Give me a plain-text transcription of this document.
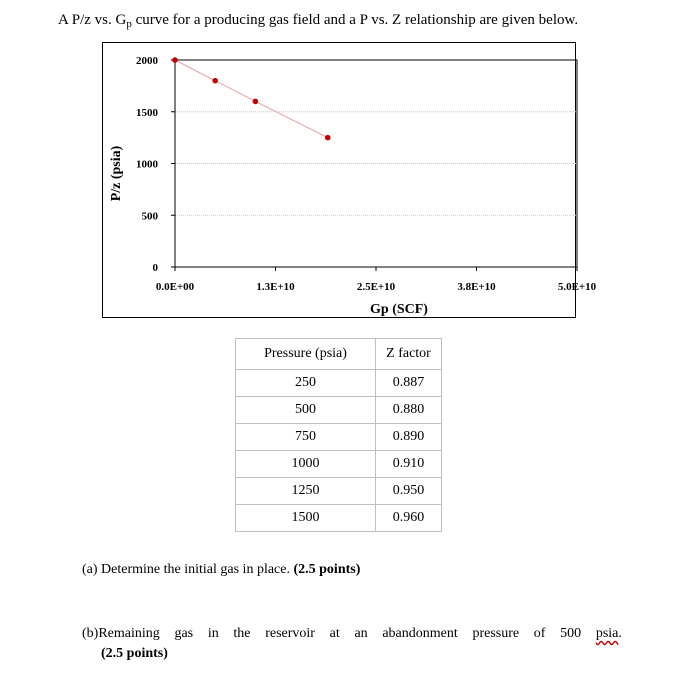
A P/z vs. $G_p$ curve for a producing gas field and a P vs. Z relationship are given below.
0
500
1000
1500
2000
0.0E+00	1.3E+10	2.5E+10	3.8E+10	5.0E+10
Gp (SCF)
P/z (psia)
Pressure (psia)	Z factor
250	0.887
500	0.880
750	0.890
1000	0.910
1250	0.950
1500	0.960
(a) Determine the initial gas in place. (2.5 points)
(b)Remaining gas in the reservoir at an abandonment pressure of 500 psia.
(2.5 points)
